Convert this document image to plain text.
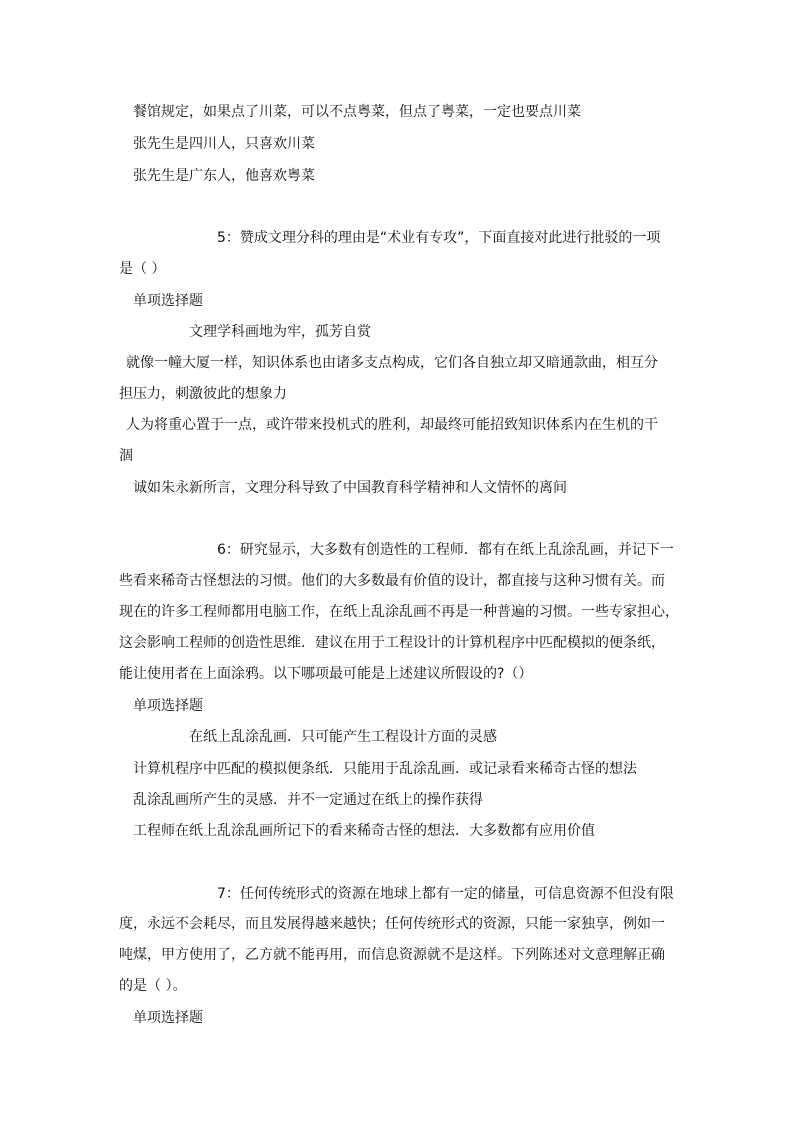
餐馆规定，如果点了川菜，可以不点粤菜，但点了粤菜，一定也要点川菜
张先生是四川人，只喜欢川菜
张先生是广东人，他喜欢粤菜
5：赞成文理分科的理由是“术业有专攻”，下面直接对此进行批驳的一项
是（ ）
单项选择题
文理学科画地为牢，孤芳自赏
就像一幢大厦一样，知识体系也由诸多支点构成，它们各自独立却又暗通款曲，相互分
担压力，刺激彼此的想象力
人为将重心置于一点，或许带来投机式的胜利，却最终可能招致知识体系内在生机的干
涸
诚如朱永新所言，文理分科导致了中国教育科学精神和人文情怀的离间
6：研究显示，大多数有创造性的工程师．都有在纸上乱涂乱画，并记下一
些看来稀奇古怪想法的习惯。他们的大多数最有价值的设计，都直接与这种习惯有关。而
现在的许多工程师都用电脑工作，在纸上乱涂乱画不再是一种普遍的习惯。一些专家担心，
这会影响工程师的创造性思维．建议在用于工程设计的计算机程序中匹配模拟的便条纸，
能让使用者在上面涂鸦。以下哪项最可能是上述建议所假设的?（）
单项选择题
在纸上乱涂乱画．只可能产生工程设计方面的灵感
计算机程序中匹配的模拟便条纸．只能用于乱涂乱画．或记录看来稀奇古怪的想法
乱涂乱画所产生的灵感．并不一定通过在纸上的操作获得
工程师在纸上乱涂乱画所记下的看来稀奇古怪的想法．大多数都有应用价值
7：任何传统形式的资源在地球上都有一定的储量，可信息资源不但没有限
度，永远不会耗尽，而且发展得越来越快；任何传统形式的资源，只能一家独享，例如一
吨煤，甲方使用了，乙方就不能再用，而信息资源就不是这样。下列陈述对文意理解正确
的是（ ）。
单项选择题
